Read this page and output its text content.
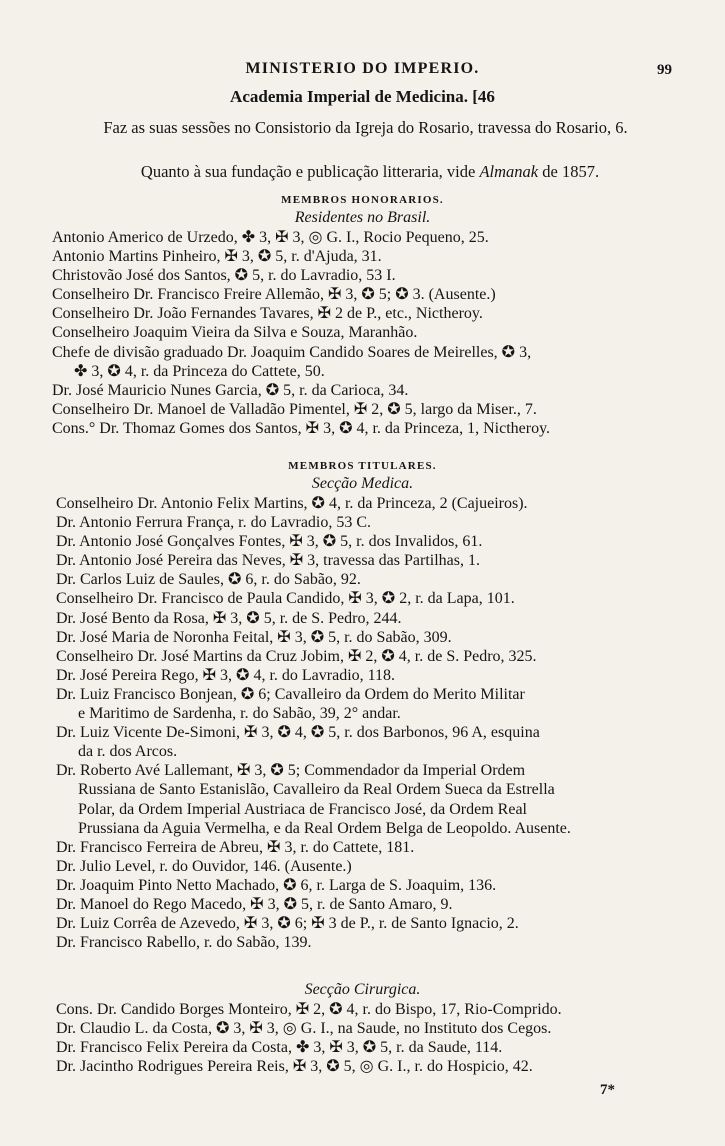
MINISTERIO DO IMPERIO.	99
Academia Imperial de Medicina. [46
Faz as suas sessões no Consistorio da Igreja do Rosario, travessa do Rosario, 6.
Quanto à sua fundação e publicação litteraria, vide Almanak de 1857.
MEMBROS HONORARIOS.
Residentes no Brasil.
Antonio Americo de Urzedo, ✤ 3, ✠ 3, ◎ G. I., Rocio Pequeno, 25.
Antonio Martins Pinheiro, ✠ 3, ✪ 5, r. d'Ajuda, 31.
Christovão José dos Santos, ✪ 5, r. do Lavradio, 53 I.
Conselheiro Dr. Francisco Freire Allemão, ✠ 3, ✪ 5; ✪ 3. (Ausente.)
Conselheiro Dr. João Fernandes Tavares, ✠ 2 de P., etc., Nictheroy.
Conselheiro Joaquim Vieira da Silva e Souza, Maranhão.
Chefe de divisão graduado Dr. Joaquim Candido Soares de Meirelles, ✪ 3,
✤ 3, ✪ 4, r. da Princeza do Cattete, 50.
Dr. José Mauricio Nunes Garcia, ✪ 5, r. da Carioca, 34.
Conselheiro Dr. Manoel de Valladão Pimentel, ✠ 2, ✪ 5, largo da Miser., 7.
Cons.° Dr. Thomaz Gomes dos Santos, ✠ 3, ✪ 4, r. da Princeza, 1, Nictheroy.
MEMBROS TITULARES.
Secção Medica.
Conselheiro Dr. Antonio Felix Martins, ✪ 4, r. da Princeza, 2 (Cajueiros).
Dr. Antonio Ferrura França, r. do Lavradio, 53 C.
Dr. Antonio José Gonçalves Fontes, ✠ 3, ✪ 5, r. dos Invalidos, 61.
Dr. Antonio José Pereira das Neves, ✠ 3, travessa das Partilhas, 1.
Dr. Carlos Luiz de Saules, ✪ 6, r. do Sabão, 92.
Conselheiro Dr. Francisco de Paula Candido, ✠ 3, ✪ 2, r. da Lapa, 101.
Dr. José Bento da Rosa, ✠ 3, ✪ 5, r. de S. Pedro, 244.
Dr. José Maria de Noronha Feital, ✠ 3, ✪ 5, r. do Sabão, 309.
Conselheiro Dr. José Martins da Cruz Jobim, ✠ 2, ✪ 4, r. de S. Pedro, 325.
Dr. José Pereira Rego, ✠ 3, ✪ 4, r. do Lavradio, 118.
Dr. Luiz Francisco Bonjean, ✪ 6; Cavalleiro da Ordem do Merito Militar
e Maritimo de Sardenha, r. do Sabão, 39, 2° andar.
Dr. Luiz Vicente De-Simoni, ✠ 3, ✪ 4, ✪ 5, r. dos Barbonos, 96 A, esquina
da r. dos Arcos.
Dr. Roberto Avé Lallemant, ✠ 3, ✪ 5; Commendador da Imperial Ordem
Russiana de Santo Estanislão, Cavalleiro da Real Ordem Sueca da Estrella
Polar, da Ordem Imperial Austriaca de Francisco José, da Ordem Real
Prussiana da Aguia Vermelha, e da Real Ordem Belga de Leopoldo. Ausente.
Dr. Francisco Ferreira de Abreu, ✠ 3, r. do Cattete, 181.
Dr. Julio Level, r. do Ouvidor, 146. (Ausente.)
Dr. Joaquim Pinto Netto Machado, ✪ 6, r. Larga de S. Joaquim, 136.
Dr. Manoel do Rego Macedo, ✠ 3, ✪ 5, r. de Santo Amaro, 9.
Dr. Luiz Corrêa de Azevedo, ✠ 3, ✪ 6; ✠ 3 de P., r. de Santo Ignacio, 2.
Dr. Francisco Rabello, r. do Sabão, 139.
Secção Cirurgica.
Cons. Dr. Candido Borges Monteiro, ✠ 2, ✪ 4, r. do Bispo, 17, Rio-Comprido.
Dr. Claudio L. da Costa, ✪ 3, ✠ 3, ◎ G. I., na Saude, no Instituto dos Cegos.
Dr. Francisco Felix Pereira da Costa, ✤ 3, ✠ 3, ✪ 5, r. da Saude, 114.
Dr. Jacintho Rodrigues Pereira Reis, ✠ 3, ✪ 5, ◎ G. I., r. do Hospicio, 42.
7*
